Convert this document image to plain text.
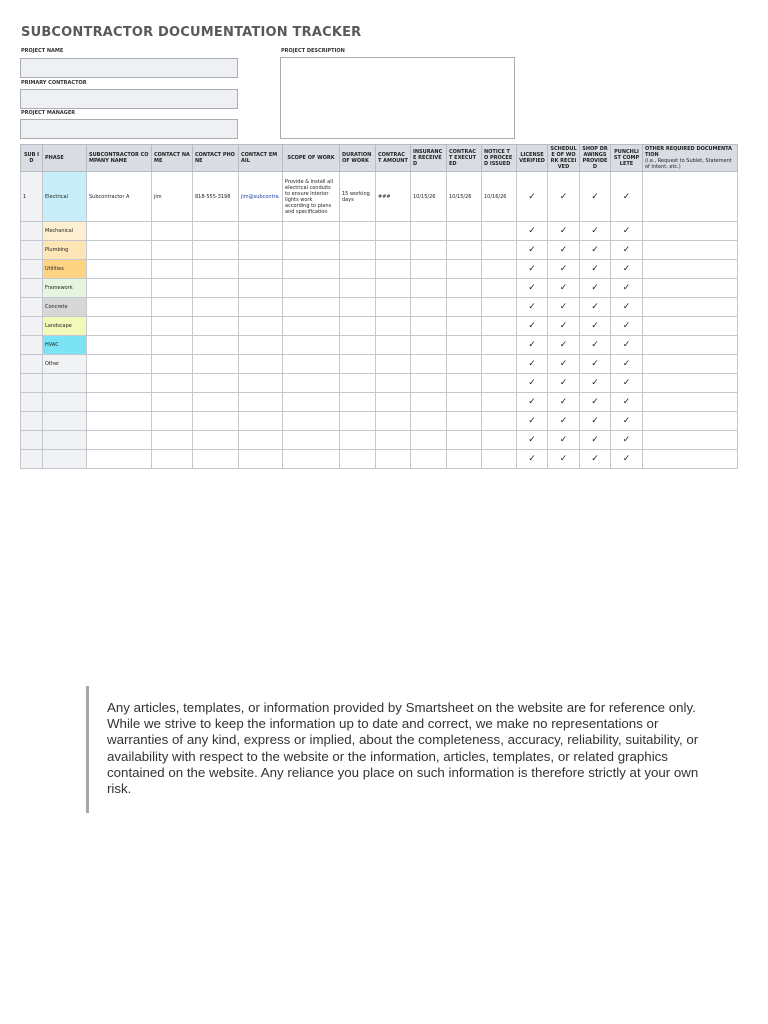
SUBCONTRACTOR DOCUMENTATION TRACKER
PROJECT NAME
PRIMARY CONTRACTOR
PROJECT MANAGER
PROJECT DESCRIPTION
SUB ID	PHASE	SUBCONTRACTOR COMPANY NAME	CONTACT NAME	CONTACT PHONE	CONTACT EMAIL	SCOPE OF WORK	DURATION OF WORK	CONTRACT AMOUNT	INSURANCE RECEIVED	CONTRACT EXECUTED	NOTICE TO PROCEED ISSUED	LICENSE VERIFIED	SCHEDULE OF WORK RECEIVED	SHOP DRAWINGS PROVIDED	PUNCHLIST COMPLETE	OTHER REQUIRED DOCUMENTATION
(i.e., Request to Sublet, Statement of Intent, etc.)

1	Electrical	Subcontractor A	jim	818-555-3198	jim@subcontra	Provide & install all electrical conduits to ensure interior lights work according to plans and specification	15 working days	###	10/15/26	10/15/26	10/16/26	✓	✓	✓	✓	
	Mechanical											✓	✓	✓	✓	
	Plumbing											✓	✓	✓	✓	
	Utilities											✓	✓	✓	✓	
	Framework											✓	✓	✓	✓	
	Concrete											✓	✓	✓	✓	
	Landscape											✓	✓	✓	✓	
	HVAC											✓	✓	✓	✓	
	Other											✓	✓	✓	✓	
												✓	✓	✓	✓	
												✓	✓	✓	✓	
												✓	✓	✓	✓	
												✓	✓	✓	✓	
												✓	✓	✓	✓	
Any articles, templates, or information provided by Smartsheet on the website are for reference only. While we strive to keep the information up to date and correct, we make no representations or warranties of any kind, express or implied, about the completeness, accuracy, reliability, suitability, or availability with respect to the website or the information, articles, templates, or related graphics contained on the website. Any reliance you place on such information is therefore strictly at your own risk.
